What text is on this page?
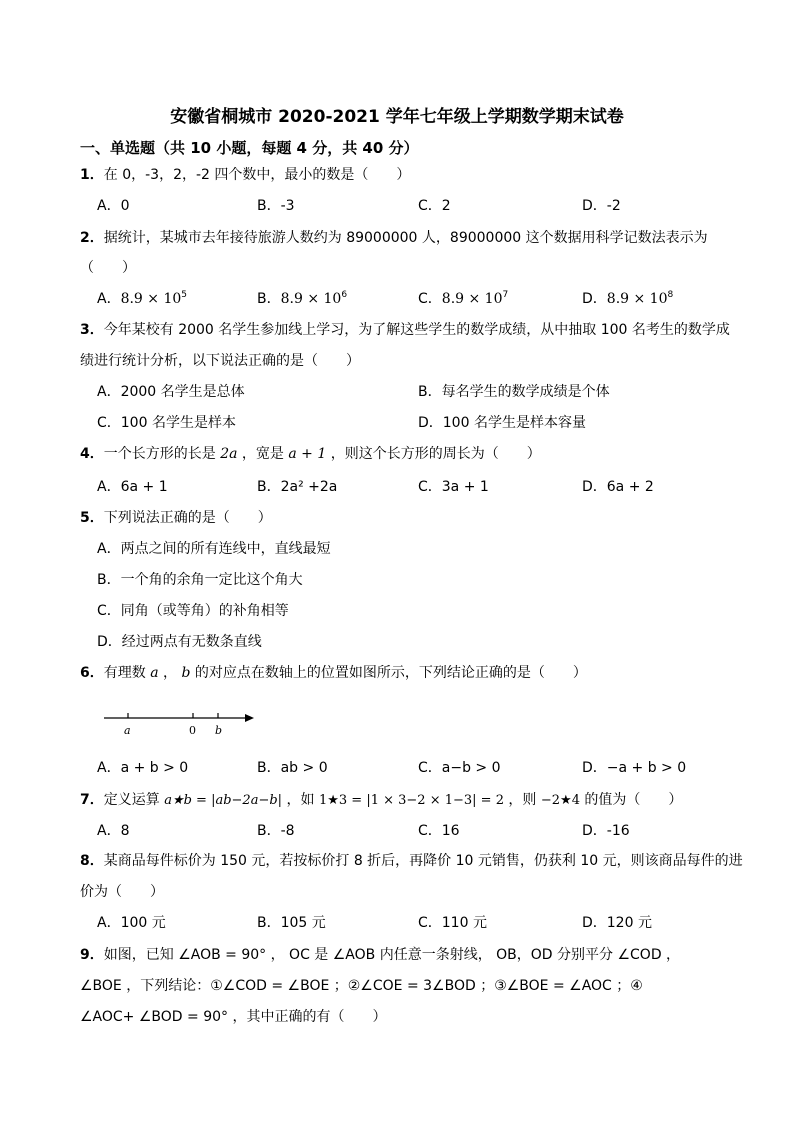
安徽省桐城市 2020-2021 学年七年级上学期数学期末试卷
一、单选题（共 10 小题，每题 4 分，共 40 分）
1．在 0，-3，2，-2 四个数中，最小的数是（　　）
A．0	B．-3	C．2	D．-2
2．据统计，某城市去年接待旅游人数约为 89000000 人，89000000 这个数据用科学记数法表示为
（　　）
A．$8.9 \times 10^5$	B．$8.9 \times 10^6$	C．$8.9 \times 10^7$	D．$8.9 \times 10^8$
3．今年某校有 2000 名学生参加线上学习，为了解这些学生的数学成绩，从中抽取 100 名考生的数学成
绩进行统计分析，以下说法正确的是（　　）
A．2000 名学生是总体	B．每名学生的数学成绩是个体
C．100 名学生是样本	D．100 名学生是样本容量
4．一个长方形的长是 2a ，宽是 a + 1 ，则这个长方形的周长为（　　）
A．6a + 1	B．2a² +2a	C．3a + 1	D．6a + 2
5．下列说法正确的是（　　）
A．两点之间的所有连线中，直线最短
B．一个角的余角一定比这个角大
C．同角（或等角）的补角相等
D．经过两点有无数条直线
6．有理数 a ， b 的对应点在数轴上的位置如图所示，下列结论正确的是（　　）
a	0 b
A．a + b > 0	B．ab > 0	C．a−b > 0	D．−a + b > 0
7．定义运算 a★b = |ab−2a−b| ，如 1★3 = |1 × 3−2 × 1−3| = 2 ，则 −2★4 的值为（　　）
A．8	B．-8	C．16	D．-16
8．某商品每件标价为 150 元，若按标价打 8 折后，再降价 10 元销售，仍获利 10 元，则该商品每件的进
价为（　　）
A．100 元	B．105 元	C．110 元	D．120 元
9．如图，已知 ∠AOB = 90° ， OC 是 ∠AOB 内任意一条射线， OB，OD 分别平分 ∠COD ，
∠BOE ，下列结论：①∠COD = ∠BOE ；②∠COE = 3∠BOD ；③∠BOE = ∠AOC ；④
∠AOC+ ∠BOD = 90° ，其中正确的有（　　）
